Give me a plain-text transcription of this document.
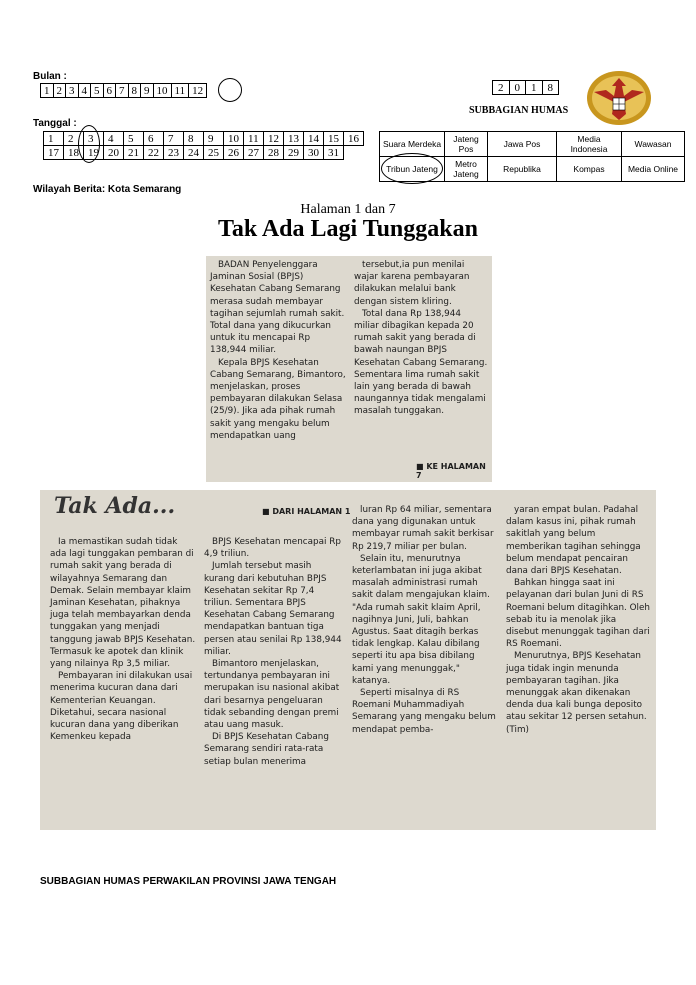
Bulan :
1	2	3	4	5	6	7	8	9	10	11	12
Tanggal :
1	2	3	4	5	6	7	8	9	10	11	12	13	14	15	16
17	18	19	20	21	22	23	24	25	26	27	28	29	30	31	
Wilayah Berita: Kota Semarang
2	0	1	8
SUBBAGIAN HUMAS
Suara Merdeka	Jateng Pos	Jawa Pos	Media Indonesia	Wawasan
Tribun Jateng	Metro Jateng	Republika	Kompas	Media Online
Halaman 1 dan 7
Tak Ada Lagi Tunggakan

BADAN Penyelenggara Jaminan Sosial (BPJS) Kesehatan Cabang Semarang merasa sudah membayar tagihan sejumlah rumah sakit. Total dana yang dikucurkan untuk itu mencapai Rp 138,944 miliar.

Kepala BPJS Kesehatan Cabang Semarang, Bimantoro, menjelaskan, proses pembayaran dilakukan Selasa (25/9). Jika ada pihak rumah sakit yang mengaku belum mendapatkan uang

tersebut,ia pun menilai wajar karena pembayaran dilakukan melalui bank dengan sistem kliring.

Total dana Rp 138,944 miliar dibagikan kepada 20 rumah sakit yang berada di bawah naungan BPJS Kesehatan Cabang Semarang. Sementara lima rumah sakit lain yang berada di bawah naungannya tidak mengalami masalah tunggakan.

■ KE HALAMAN 7
Tak Ada...	■ DARI HALAMAN 1

Ia memastikan sudah tidak ada lagi tunggakan pembaran di rumah sakit yang berada di wilayahnya Semarang dan Demak. Selain membayar klaim Jaminan Kesehatan, pihaknya juga telah membayarkan denda tunggakan yang menjadi tanggung jawab BPJS Kesehatan. Termasuk ke apotek dan klinik yang nilainya Rp 3,5 miliar.

Pembayaran ini dilakukan usai menerima kucuran dana dari Kementerian Keuangan. Diketahui, secara nasional kucuran dana yang diberikan Kemenkeu kepada

BPJS Kesehatan mencapai Rp 4,9 triliun.

Jumlah tersebut masih kurang dari kebutuhan BPJS Kesehatan sekitar Rp 7,4 triliun. Sementara BPJS Kesehatan Cabang Semarang mendapatkan bantuan tiga persen atau senilai Rp 138,944 miliar.

Bimantoro menjelaskan, tertundanya pembayaran ini merupakan isu nasional akibat dari besarnya pengeluaran tidak sebanding dengan premi atau uang masuk.

Di BPJS Kesehatan Cabang Semarang sendiri rata-rata setiap bulan menerima

luran Rp 64 miliar, sementara dana yang digunakan untuk membayar rumah sakit berkisar Rp 219,7 miliar per bulan.

Selain itu, menurutnya keterlambatan ini juga akibat masalah administrasi rumah sakit dalam mengajukan klaim. "Ada rumah sakit klaim April, nagihnya Juni, Juli, bahkan Agustus. Saat ditagih berkas tidak lengkap. Kalau dibilang seperti itu apa bisa dibilang kami yang menunggak," katanya.

Seperti misalnya di RS Roemani Muhammadiyah Semarang yang mengaku belum mendapat pemba-

yaran empat bulan. Padahal dalam kasus ini, pihak rumah sakitlah yang belum memberikan tagihan sehingga belum mendapat pencairan dana dari BPJS Kesehatan.

Bahkan hingga saat ini pelayanan dari bulan Juni di RS Roemani belum ditagihkan. Oleh sebab itu ia menolak jika disebut menunggak tagihan dari RS Roemani.

Menurutnya, BPJS Kesehatan juga tidak ingin menunda pembayaran tagihan. Jika menunggak akan dikenakan denda dua kali bunga deposito atau sekitar 12 persen setahun. (Tim)

SUBBAGIAN HUMAS PERWAKILAN PROVINSI JAWA TENGAH
